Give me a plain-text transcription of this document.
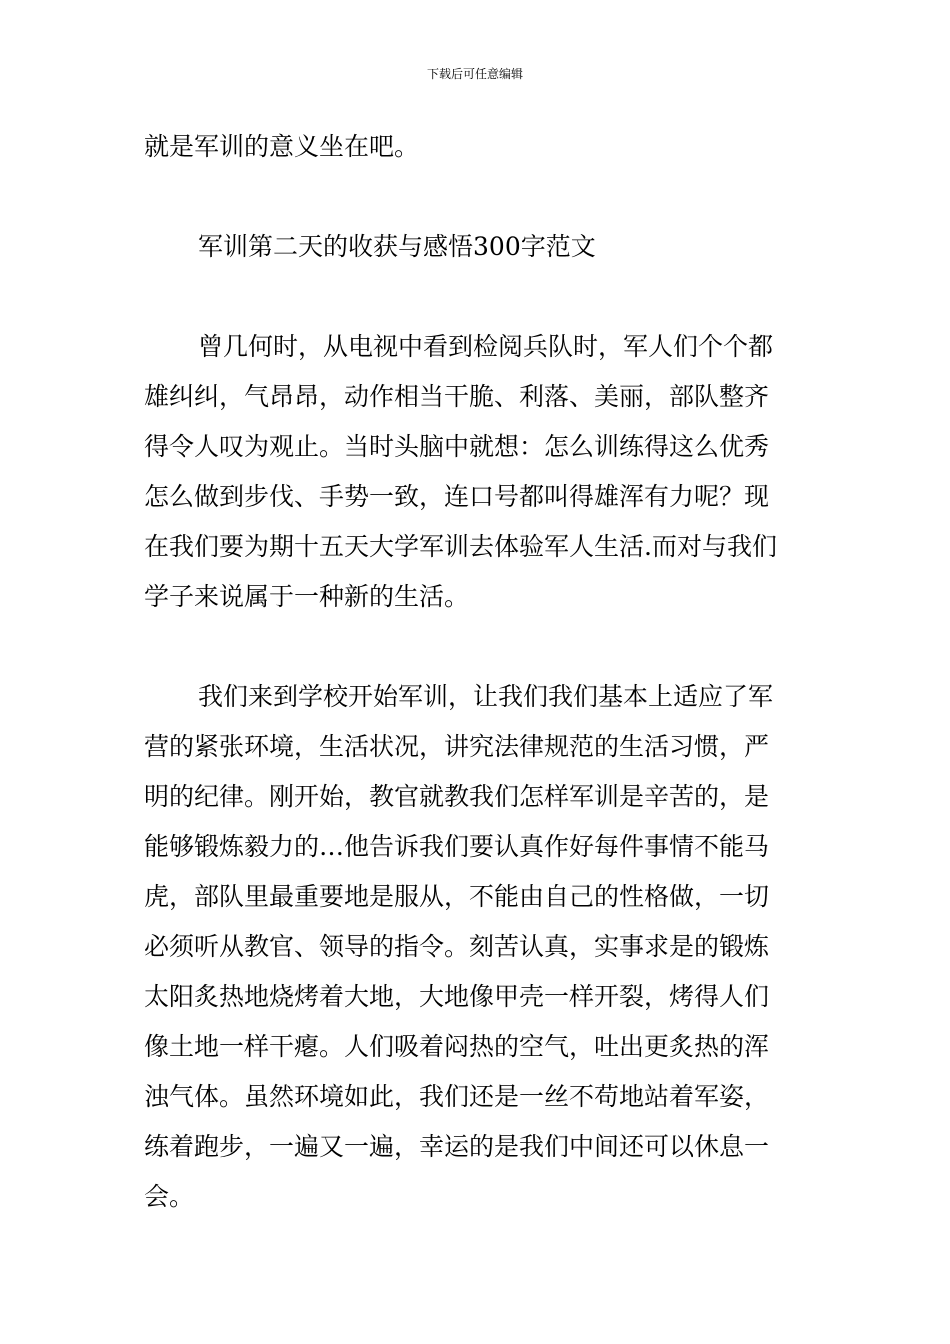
下载后可任意编辑
就是军训的意义坐在吧。
军训第二天的收获与感悟300字范文
曾几何时，从电视中看到检阅兵队时，军人们个个都
雄纠纠，气昂昂，动作相当干脆、利落、美丽，部队整齐
得令人叹为观止。当时头脑中就想：怎么训练得这么优秀
怎么做到步伐、手势一致，连口号都叫得雄浑有力呢？现
在我们要为期十五天大学军训去体验军人生活.而对与我们
学子来说属于一种新的生活。
我们来到学校开始军训，让我们我们基本上适应了军
营的紧张环境，生活状况，讲究法律规范的生活习惯，严
明的纪律。刚开始，教官就教我们怎样军训是辛苦的，是
能够锻炼毅力的…他告诉我们要认真作好每件事情不能马
虎，部队里最重要地是服从，不能由自己的性格做，一切
必须听从教官、领导的指令。刻苦认真，实事求是的锻炼
太阳炙热地烧烤着大地，大地像甲壳一样开裂，烤得人们
像土地一样干瘪。人们吸着闷热的空气，吐出更炙热的浑
浊气体。虽然环境如此，我们还是一丝不苟地站着军姿，
练着跑步，一遍又一遍，幸运的是我们中间还可以休息一
会。
